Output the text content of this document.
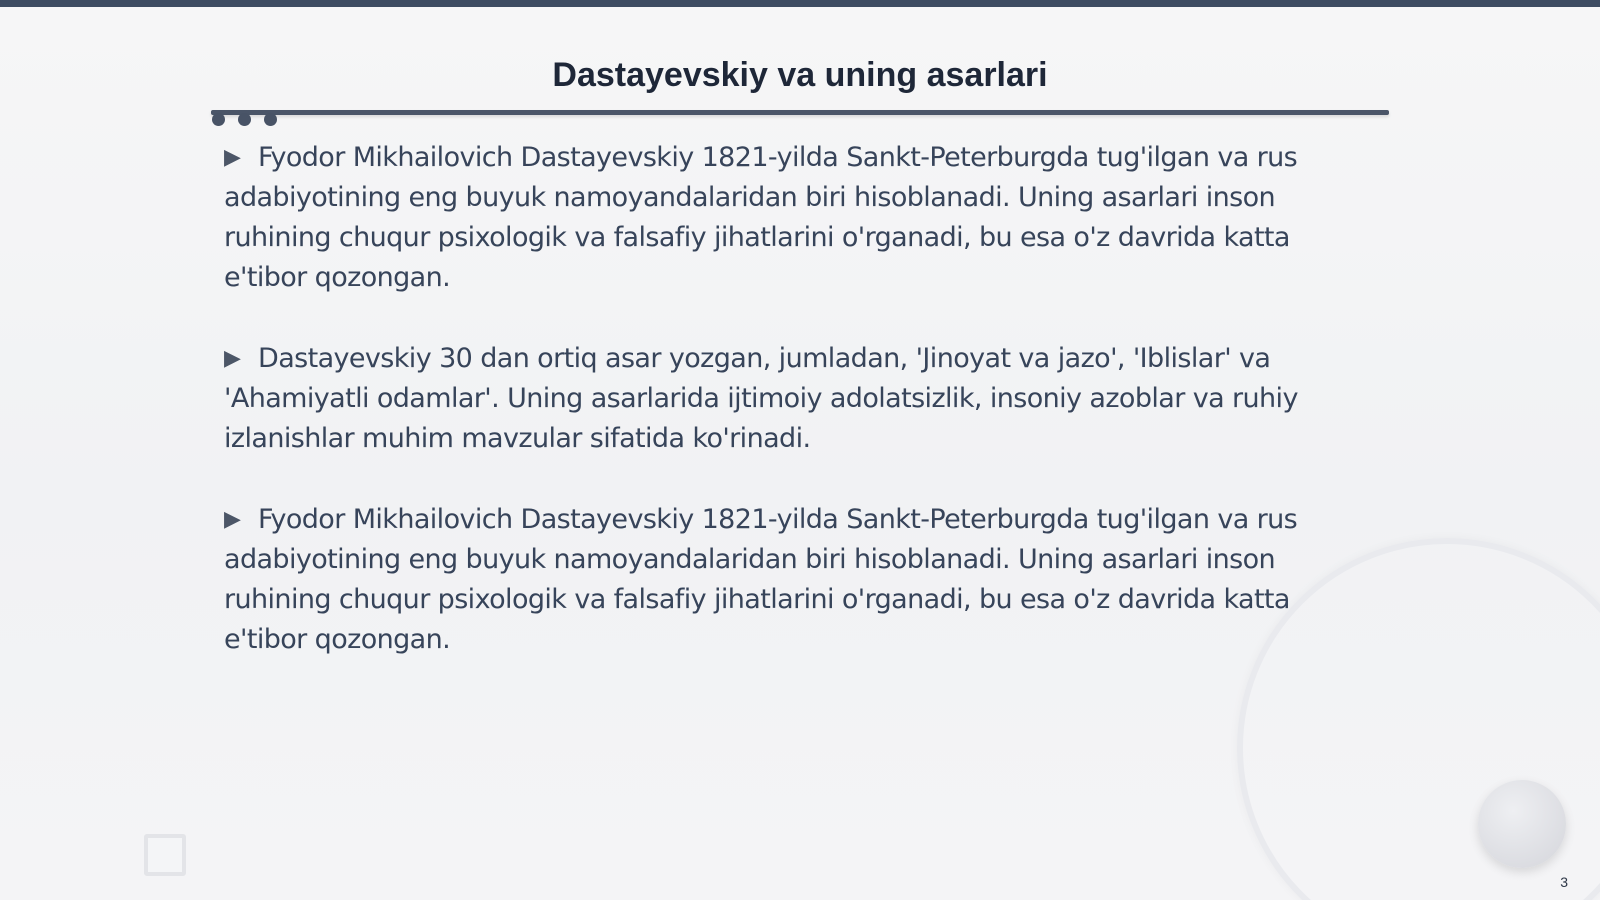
Dastayevskiy va uning asarlari
▶ Fyodor Mikhailovich Dastayevskiy 1821-yilda Sankt-Peterburgda tug'ilgan va rus adabiyotining eng buyuk namoyandalaridan biri hisoblanadi. Uning asarlari inson ruhining chuqur psixologik va falsafiy jihatlarini o'rganadi, bu esa o'z davrida katta e'tibor qozongan.
▶ Dastayevskiy 30 dan ortiq asar yozgan, jumladan, 'Jinoyat va jazo', 'Iblislar' va 'Ahamiyatli odamlar'. Uning asarlarida ijtimoiy adolatsizlik, insoniy azoblar va ruhiy izlanishlar muhim mavzular sifatida ko'rinadi.
▶ Fyodor Mikhailovich Dastayevskiy 1821-yilda Sankt-Peterburgda tug'ilgan va rus adabiyotining eng buyuk namoyandalaridan biri hisoblanadi. Uning asarlari inson ruhining chuqur psixologik va falsafiy jihatlarini o'rganadi, bu esa o'z davrida katta e'tibor qozongan.
3
